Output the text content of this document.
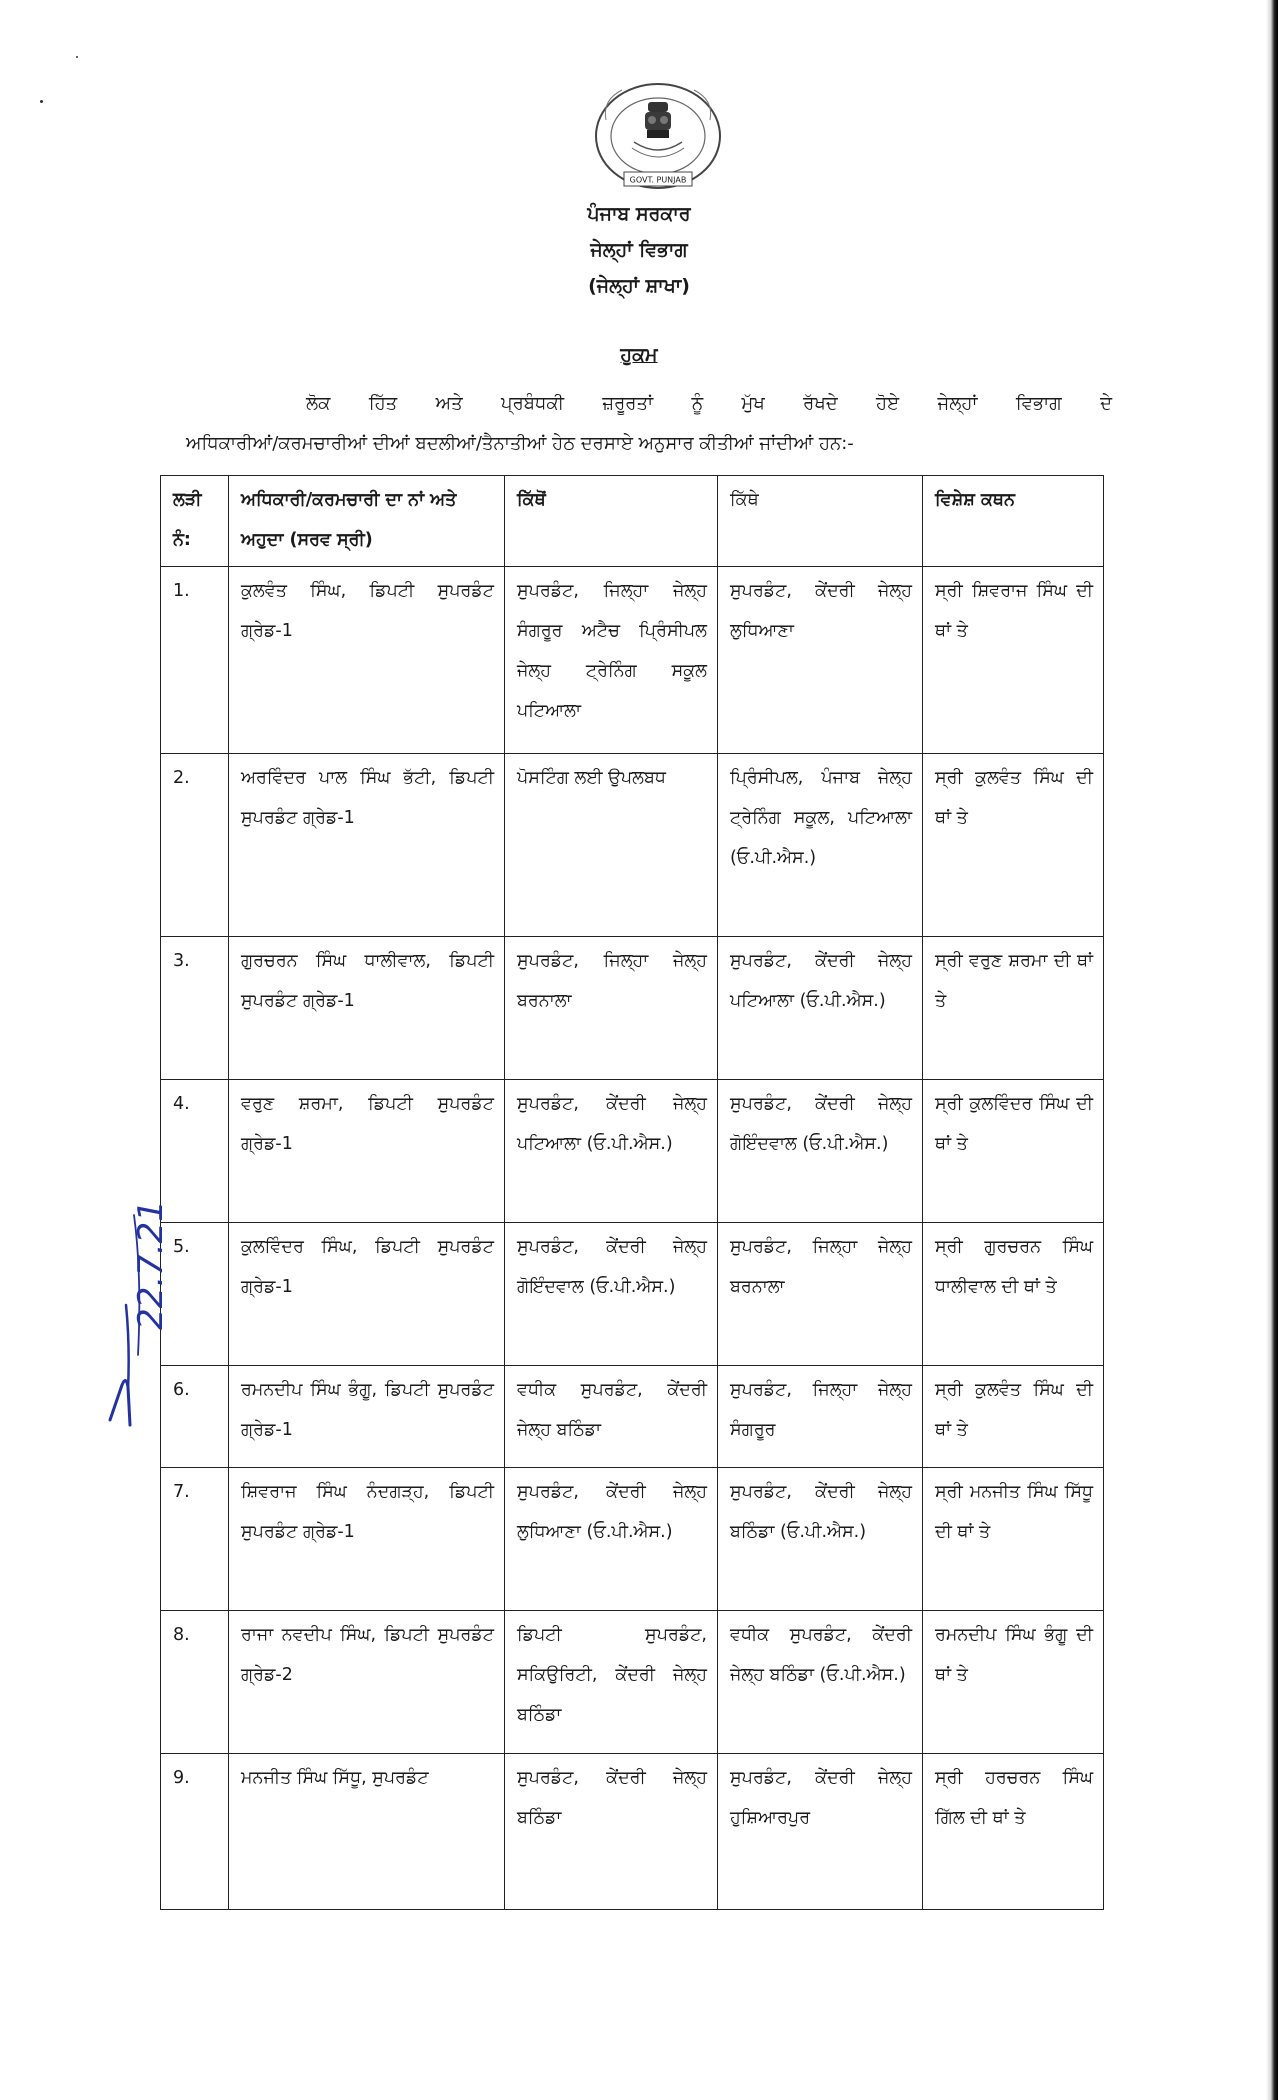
GOVT. PUNJAB
ਪੰਜਾਬ ਸਰਕਾਰ
ਜੇਲ੍ਹਾਂ ਵਿਭਾਗ
(ਜੇਲ੍ਹਾਂ ਸ਼ਾਖਾ)
ਹੁਕਮ
ਲੋਕ ਹਿੱਤ ਅਤੇ ਪ੍ਰਬੰਧਕੀ ਜ਼ਰੂਰਤਾਂ ਨੂੰ ਮੁੱਖ ਰੱਖਦੇ ਹੋਏ ਜੇਲ੍ਹਾਂ ਵਿਭਾਗ ਦੇ
ਅਧਿਕਾਰੀਆਂ/ਕਰਮਚਾਰੀਆਂ ਦੀਆਂ ਬਦਲੀਆਂ/ਤੈਨਾਤੀਆਂ ਹੇਠ ਦਰਸਾਏ ਅਨੁਸਾਰ ਕੀਤੀਆਂ ਜਾਂਦੀਆਂ ਹਨ:-
ਲੜੀ ਨੰ:	ਅਧਿਕਾਰੀ/ਕਰਮਚਾਰੀ ਦਾ ਨਾਂ ਅਤੇ ਅਹੁਦਾ (ਸਰਵ ਸ੍ਰੀ)	ਕਿੱਥੋਂ	ਕਿੱਥੇ	ਵਿਸ਼ੇਸ਼ ਕਥਨ
1.	ਕੁਲਵੰਤ ਸਿੰਘ, ਡਿਪਟੀ ਸੁਪਰਡੰਟ ਗ੍ਰੇਡ-1	ਸੁਪਰਡੰਟ, ਜਿਲ੍ਹਾ ਜੇਲ੍ਹ ਸੰਗਰੂਰ ਅਟੈਚ ਪ੍ਰਿੰਸੀਪਲ ਜੇਲ੍ਹ ਟ੍ਰੇਨਿੰਗ ਸਕੂਲ ਪਟਿਆਲਾ	ਸੁਪਰਡੰਟ, ਕੇਂਦਰੀ ਜੇਲ੍ਹ ਲੁਧਿਆਣਾ	ਸ੍ਰੀ ਸ਼ਿਵਰਾਜ ਸਿੰਘ ਦੀ ਥਾਂ ਤੇ
2.	ਅਰਵਿੰਦਰ ਪਾਲ ਸਿੰਘ ਭੱਟੀ, ਡਿਪਟੀ ਸੁਪਰਡੰਟ ਗ੍ਰੇਡ-1	ਪੋਸਟਿੰਗ ਲਈ ਉਪਲਬਧ	ਪ੍ਰਿੰਸੀਪਲ, ਪੰਜਾਬ ਜੇਲ੍ਹ ਟ੍ਰੇਨਿੰਗ ਸਕੂਲ, ਪਟਿਆਲਾ (ਓ.ਪੀ.ਐਸ.)	ਸ੍ਰੀ ਕੁਲਵੰਤ ਸਿੰਘ ਦੀ ਥਾਂ ਤੇ
3.	ਗੁਰਚਰਨ ਸਿੰਘ ਧਾਲੀਵਾਲ, ਡਿਪਟੀ ਸੁਪਰਡੰਟ ਗ੍ਰੇਡ-1	ਸੁਪਰਡੰਟ, ਜਿਲ੍ਹਾ ਜੇਲ੍ਹ ਬਰਨਾਲਾ	ਸੁਪਰਡੰਟ, ਕੇਂਦਰੀ ਜੇਲ੍ਹ ਪਟਿਆਲਾ (ਓ.ਪੀ.ਐਸ.)	ਸ੍ਰੀ ਵਰੁਣ ਸ਼ਰਮਾ ਦੀ ਥਾਂ ਤੇ
4.	ਵਰੁਣ ਸ਼ਰਮਾ, ਡਿਪਟੀ ਸੁਪਰਡੰਟ ਗ੍ਰੇਡ-1	ਸੁਪਰਡੰਟ, ਕੇਂਦਰੀ ਜੇਲ੍ਹ ਪਟਿਆਲਾ (ਓ.ਪੀ.ਐਸ.)	ਸੁਪਰਡੰਟ, ਕੇਂਦਰੀ ਜੇਲ੍ਹ ਗੋਇੰਦਵਾਲ (ਓ.ਪੀ.ਐਸ.)	ਸ੍ਰੀ ਕੁਲਵਿੰਦਰ ਸਿੰਘ ਦੀ ਥਾਂ ਤੇ
5.	ਕੁਲਵਿੰਦਰ ਸਿੰਘ, ਡਿਪਟੀ ਸੁਪਰਡੰਟ ਗ੍ਰੇਡ-1	ਸੁਪਰਡੰਟ, ਕੇਂਦਰੀ ਜੇਲ੍ਹ ਗੋਇੰਦਵਾਲ (ਓ.ਪੀ.ਐਸ.)	ਸੁਪਰਡੰਟ, ਜਿਲ੍ਹਾ ਜੇਲ੍ਹ ਬਰਨਾਲਾ	ਸ੍ਰੀ ਗੁਰਚਰਨ ਸਿੰਘ ਧਾਲੀਵਾਲ ਦੀ ਥਾਂ ਤੇ
6.	ਰਮਨਦੀਪ ਸਿੰਘ ਭੰਗੂ, ਡਿਪਟੀ ਸੁਪਰਡੰਟ ਗ੍ਰੇਡ-1	ਵਧੀਕ ਸੁਪਰਡੰਟ, ਕੇਂਦਰੀ ਜੇਲ੍ਹ ਬਠਿੰਡਾ	ਸੁਪਰਡੰਟ, ਜਿਲ੍ਹਾ ਜੇਲ੍ਹ ਸੰਗਰੂਰ	ਸ੍ਰੀ ਕੁਲਵੰਤ ਸਿੰਘ ਦੀ ਥਾਂ ਤੇ
7.	ਸ਼ਿਵਰਾਜ ਸਿੰਘ ਨੰਦਗੜ੍ਹ, ਡਿਪਟੀ ਸੁਪਰਡੰਟ ਗ੍ਰੇਡ-1	ਸੁਪਰਡੰਟ, ਕੇਂਦਰੀ ਜੇਲ੍ਹ ਲੁਧਿਆਣਾ (ਓ.ਪੀ.ਐਸ.)	ਸੁਪਰਡੰਟ, ਕੇਂਦਰੀ ਜੇਲ੍ਹ ਬਠਿੰਡਾ (ਓ.ਪੀ.ਐਸ.)	ਸ੍ਰੀ ਮਨਜੀਤ ਸਿੰਘ ਸਿੱਧੂ ਦੀ ਥਾਂ ਤੇ
8.	ਰਾਜਾ ਨਵਦੀਪ ਸਿੰਘ, ਡਿਪਟੀ ਸੁਪਰਡੰਟ ਗ੍ਰੇਡ-2	ਡਿਪਟੀ ਸੁਪਰਡੰਟ, ਸਕਿਉਰਿਟੀ, ਕੇਂਦਰੀ ਜੇਲ੍ਹ ਬਠਿੰਡਾ	ਵਧੀਕ ਸੁਪਰਡੰਟ, ਕੇਂਦਰੀ ਜੇਲ੍ਹ ਬਠਿੰਡਾ (ਓ.ਪੀ.ਐਸ.)	ਰਮਨਦੀਪ ਸਿੰਘ ਭੰਗੂ ਦੀ ਥਾਂ ਤੇ
9.	ਮਨਜੀਤ ਸਿੰਘ ਸਿੱਧੂ, ਸੁਪਰਡੰਟ	ਸੁਪਰਡੰਟ, ਕੇਂਦਰੀ ਜੇਲ੍ਹ ਬਠਿੰਡਾ	ਸੁਪਰਡੰਟ, ਕੇਂਦਰੀ ਜੇਲ੍ਹ ਹੁਸ਼ਿਆਰਪੁਰ	ਸ੍ਰੀ ਹਰਚਰਨ ਸਿੰਘ ਗਿੱਲ ਦੀ ਥਾਂ ਤੇ
22.7.21
